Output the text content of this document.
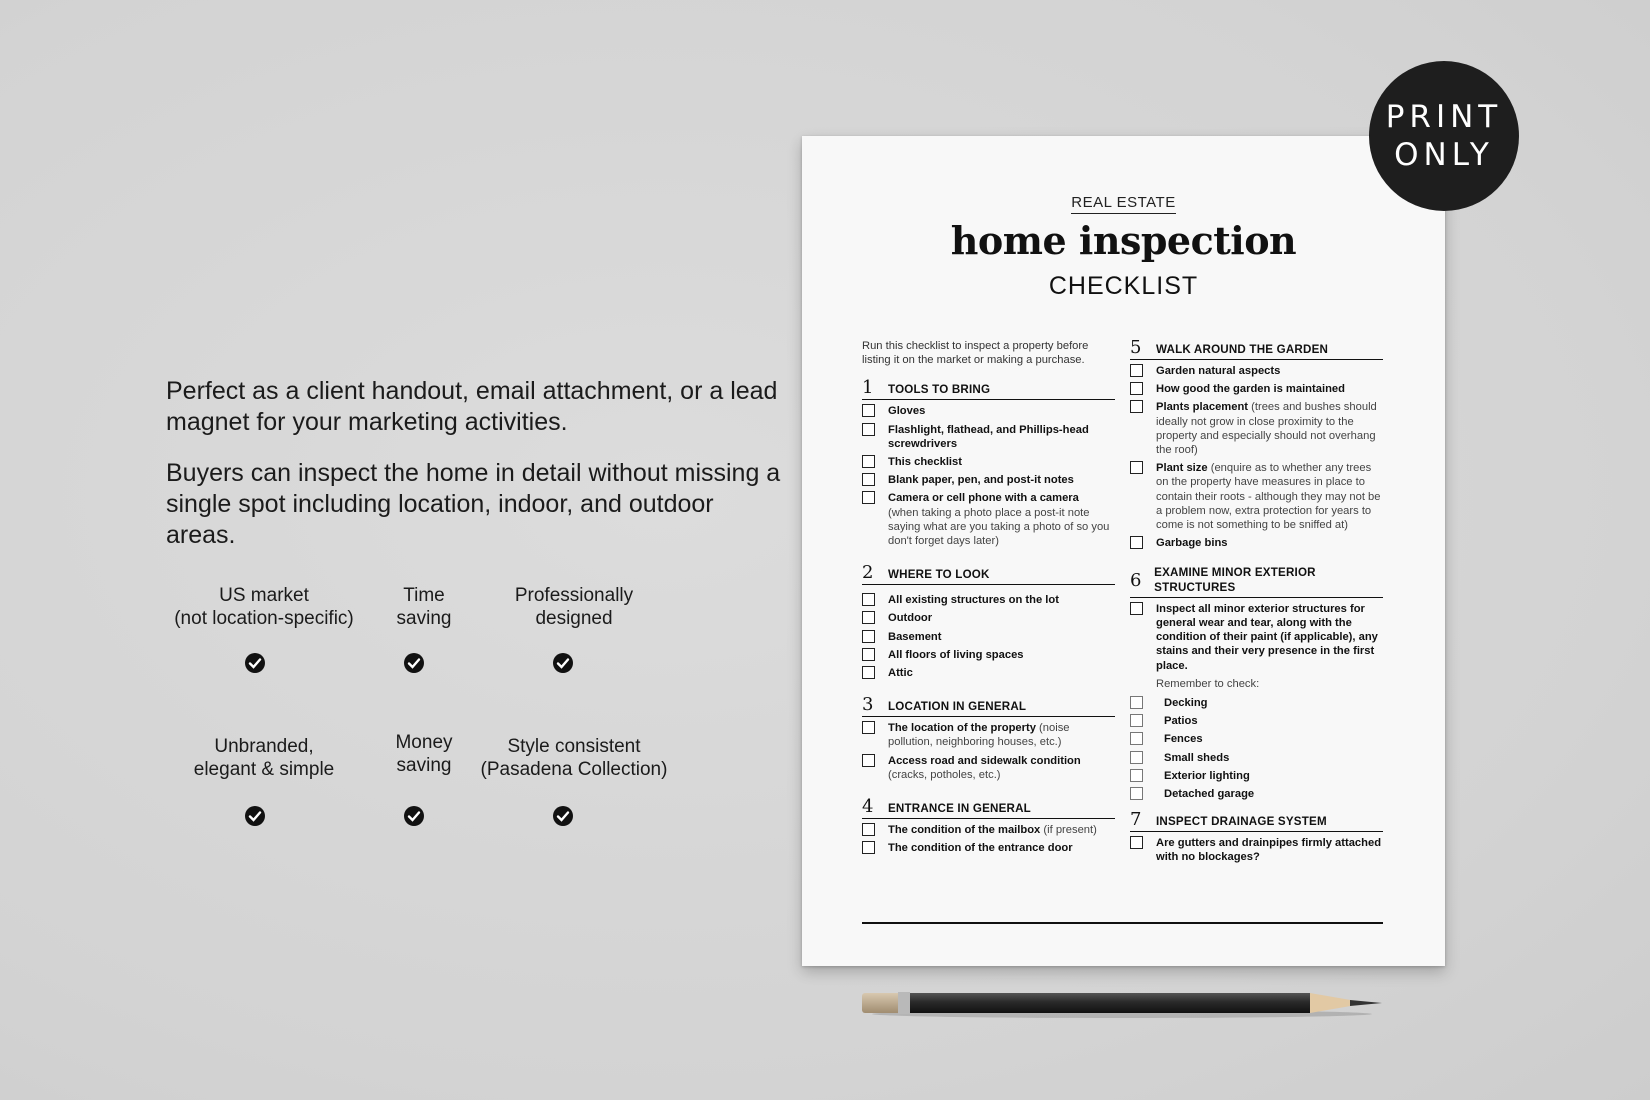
Perfect as a client handout, email attachment, or a lead magnet for your marketing activities.

Buyers can inspect the home in detail without missing a single spot including location, indoor, and outdoor areas.

US market
(not location-specific)
Time
saving
Professionally
designed
Unbranded,
elegant & simple
Money
saving
Style consistent
(Pasadena Collection)
REAL ESTATE
home inspection
CHECKLIST
Run this checklist to inspect a property before listing it on the market or making a purchase.
1	TOOLS TO BRING
Gloves
Flashlight, flathead, and Phillips-head screwdrivers
This checklist
Blank paper, pen, and post-it notes
Camera or cell phone with a camera
(when taking a photo place a post-it note saying what are you taking a photo of so you don't forget days later)
2	WHERE TO LOOK
All existing structures on the lot
Outdoor
Basement
All floors of living spaces
Attic
3	LOCATION IN GENERAL
The location of the property (noise pollution, neighboring houses, etc.)
Access road and sidewalk condition
(cracks, potholes, etc.)
4	ENTRANCE IN GENERAL
The condition of the mailbox (if present)
The condition of the entrance door
5	WALK AROUND THE GARDEN
Garden natural aspects
How good the garden is maintained
Plants placement (trees and bushes should ideally not grow in close proximity to the property and especially should not overhang the roof)
Plant size (enquire as to whether any trees on the property have measures in place to contain their roots - although they may not be a problem now, extra protection for years to come is not something to be sniffed at)
Garbage bins
6	EXAMINE MINOR EXTERIOR STRUCTURES
Inspect all minor exterior structures for general wear and tear, along with the condition of their paint (if applicable), any stains and their very presence in the first place.
Remember to check:
Decking
Patios
Fences
Small sheds
Exterior lighting
Detached garage
7	INSPECT DRAINAGE SYSTEM
Are gutters and drainpipes firmly attached with no blockages?
PRINT
ONLY
